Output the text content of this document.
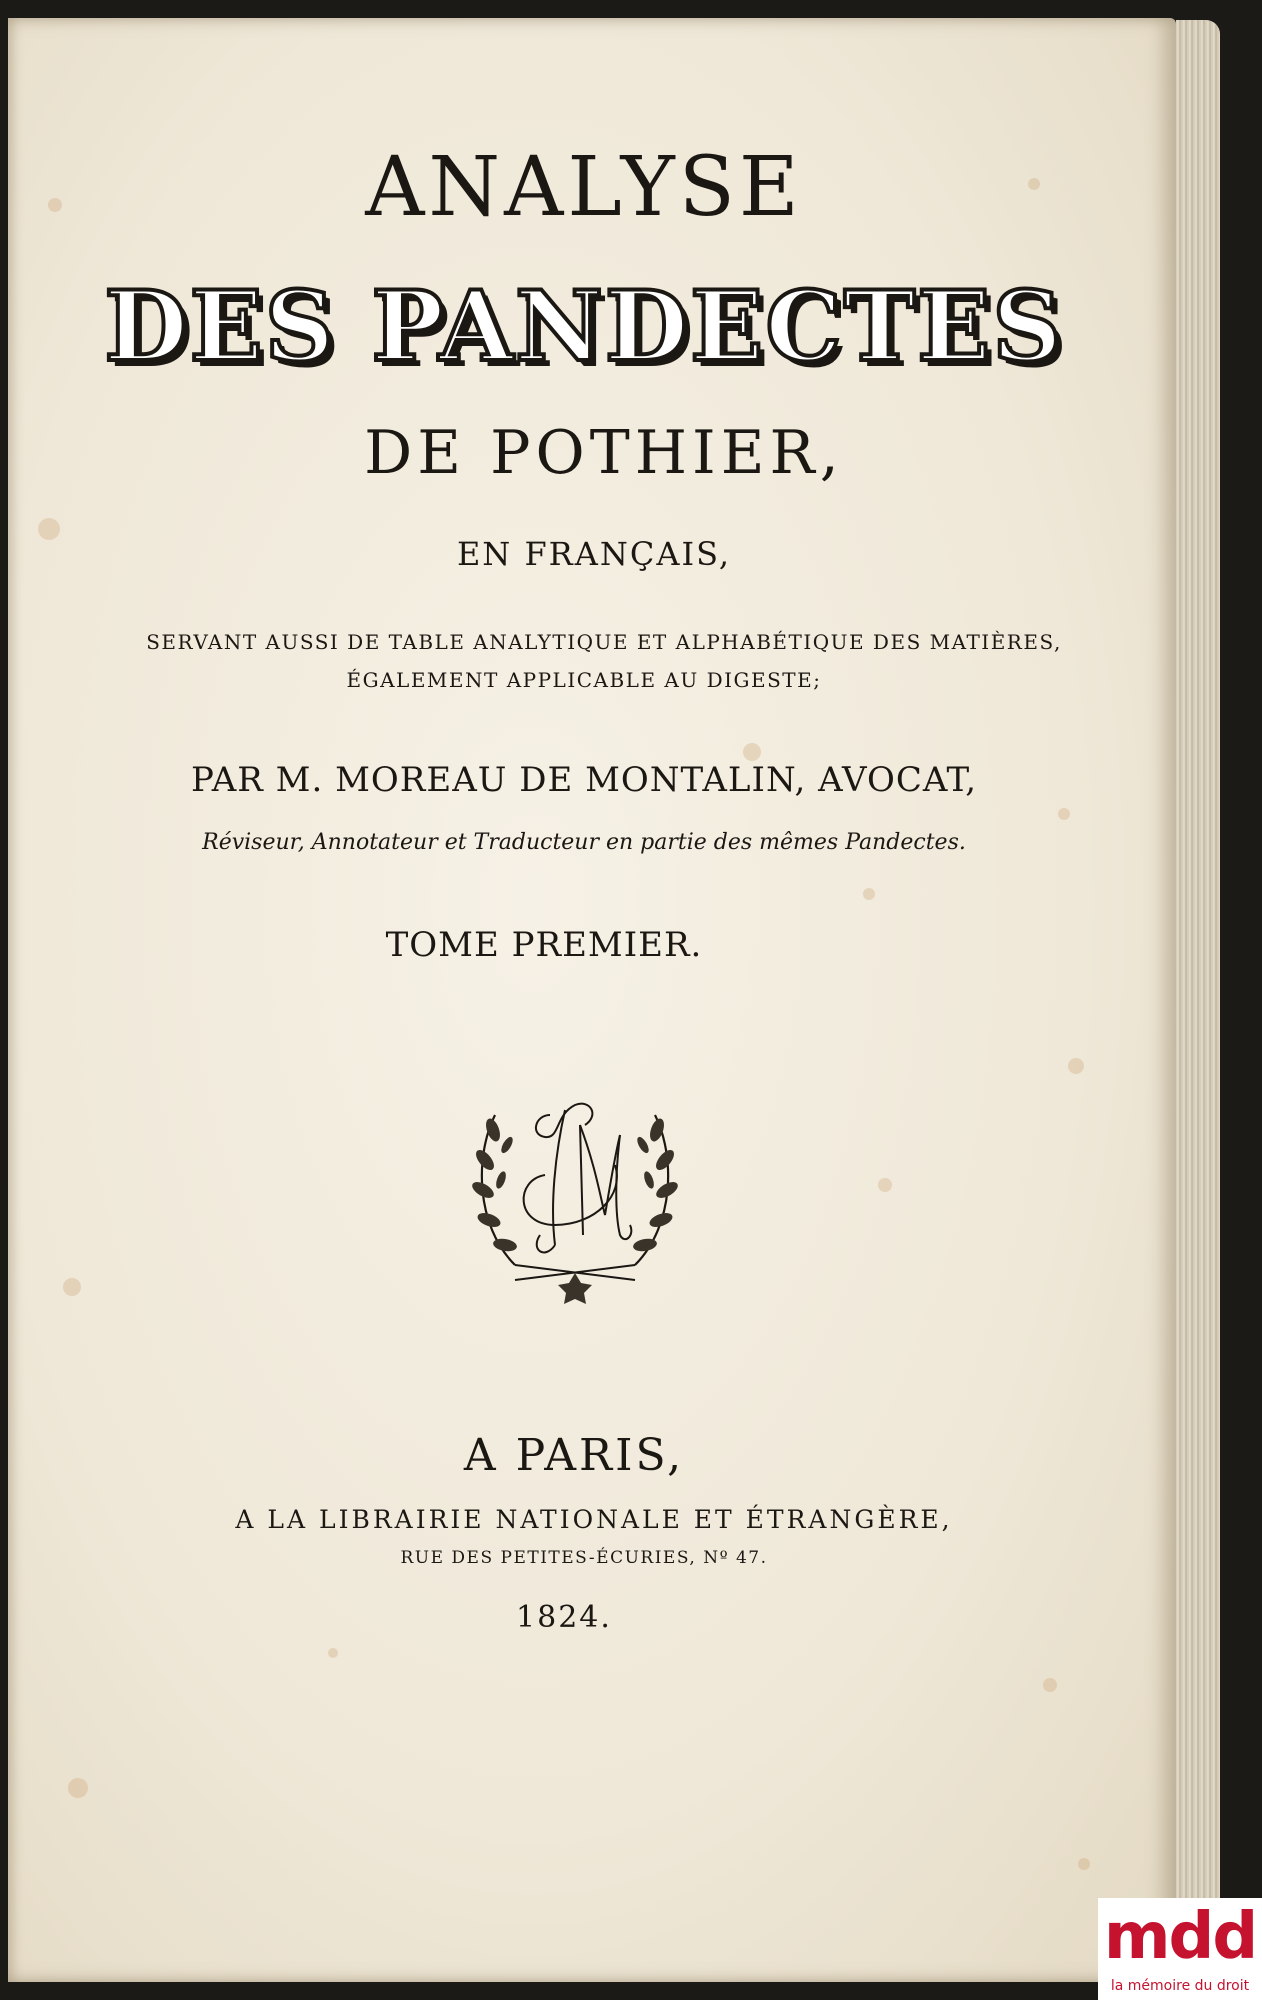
ANALYSE
DES PANDECTES
DE POTHIER,
EN FRANÇAIS,
SERVANT AUSSI DE TABLE ANALYTIQUE ET ALPHABÉTIQUE DES MATIÈRES,
ÉGALEMENT APPLICABLE AU DIGESTE;
PAR M. MOREAU DE MONTALIN, AVOCAT,
Réviseur, Annotateur et Traducteur en partie des mêmes Pandectes.
TOME PREMIER.
A PARIS,
A LA LIBRAIRIE NATIONALE ET ÉTRANGÈRE,
RUE DES PETITES-ÉCURIES, Nº 47.
1824.
mdd
la mémoire du droit
